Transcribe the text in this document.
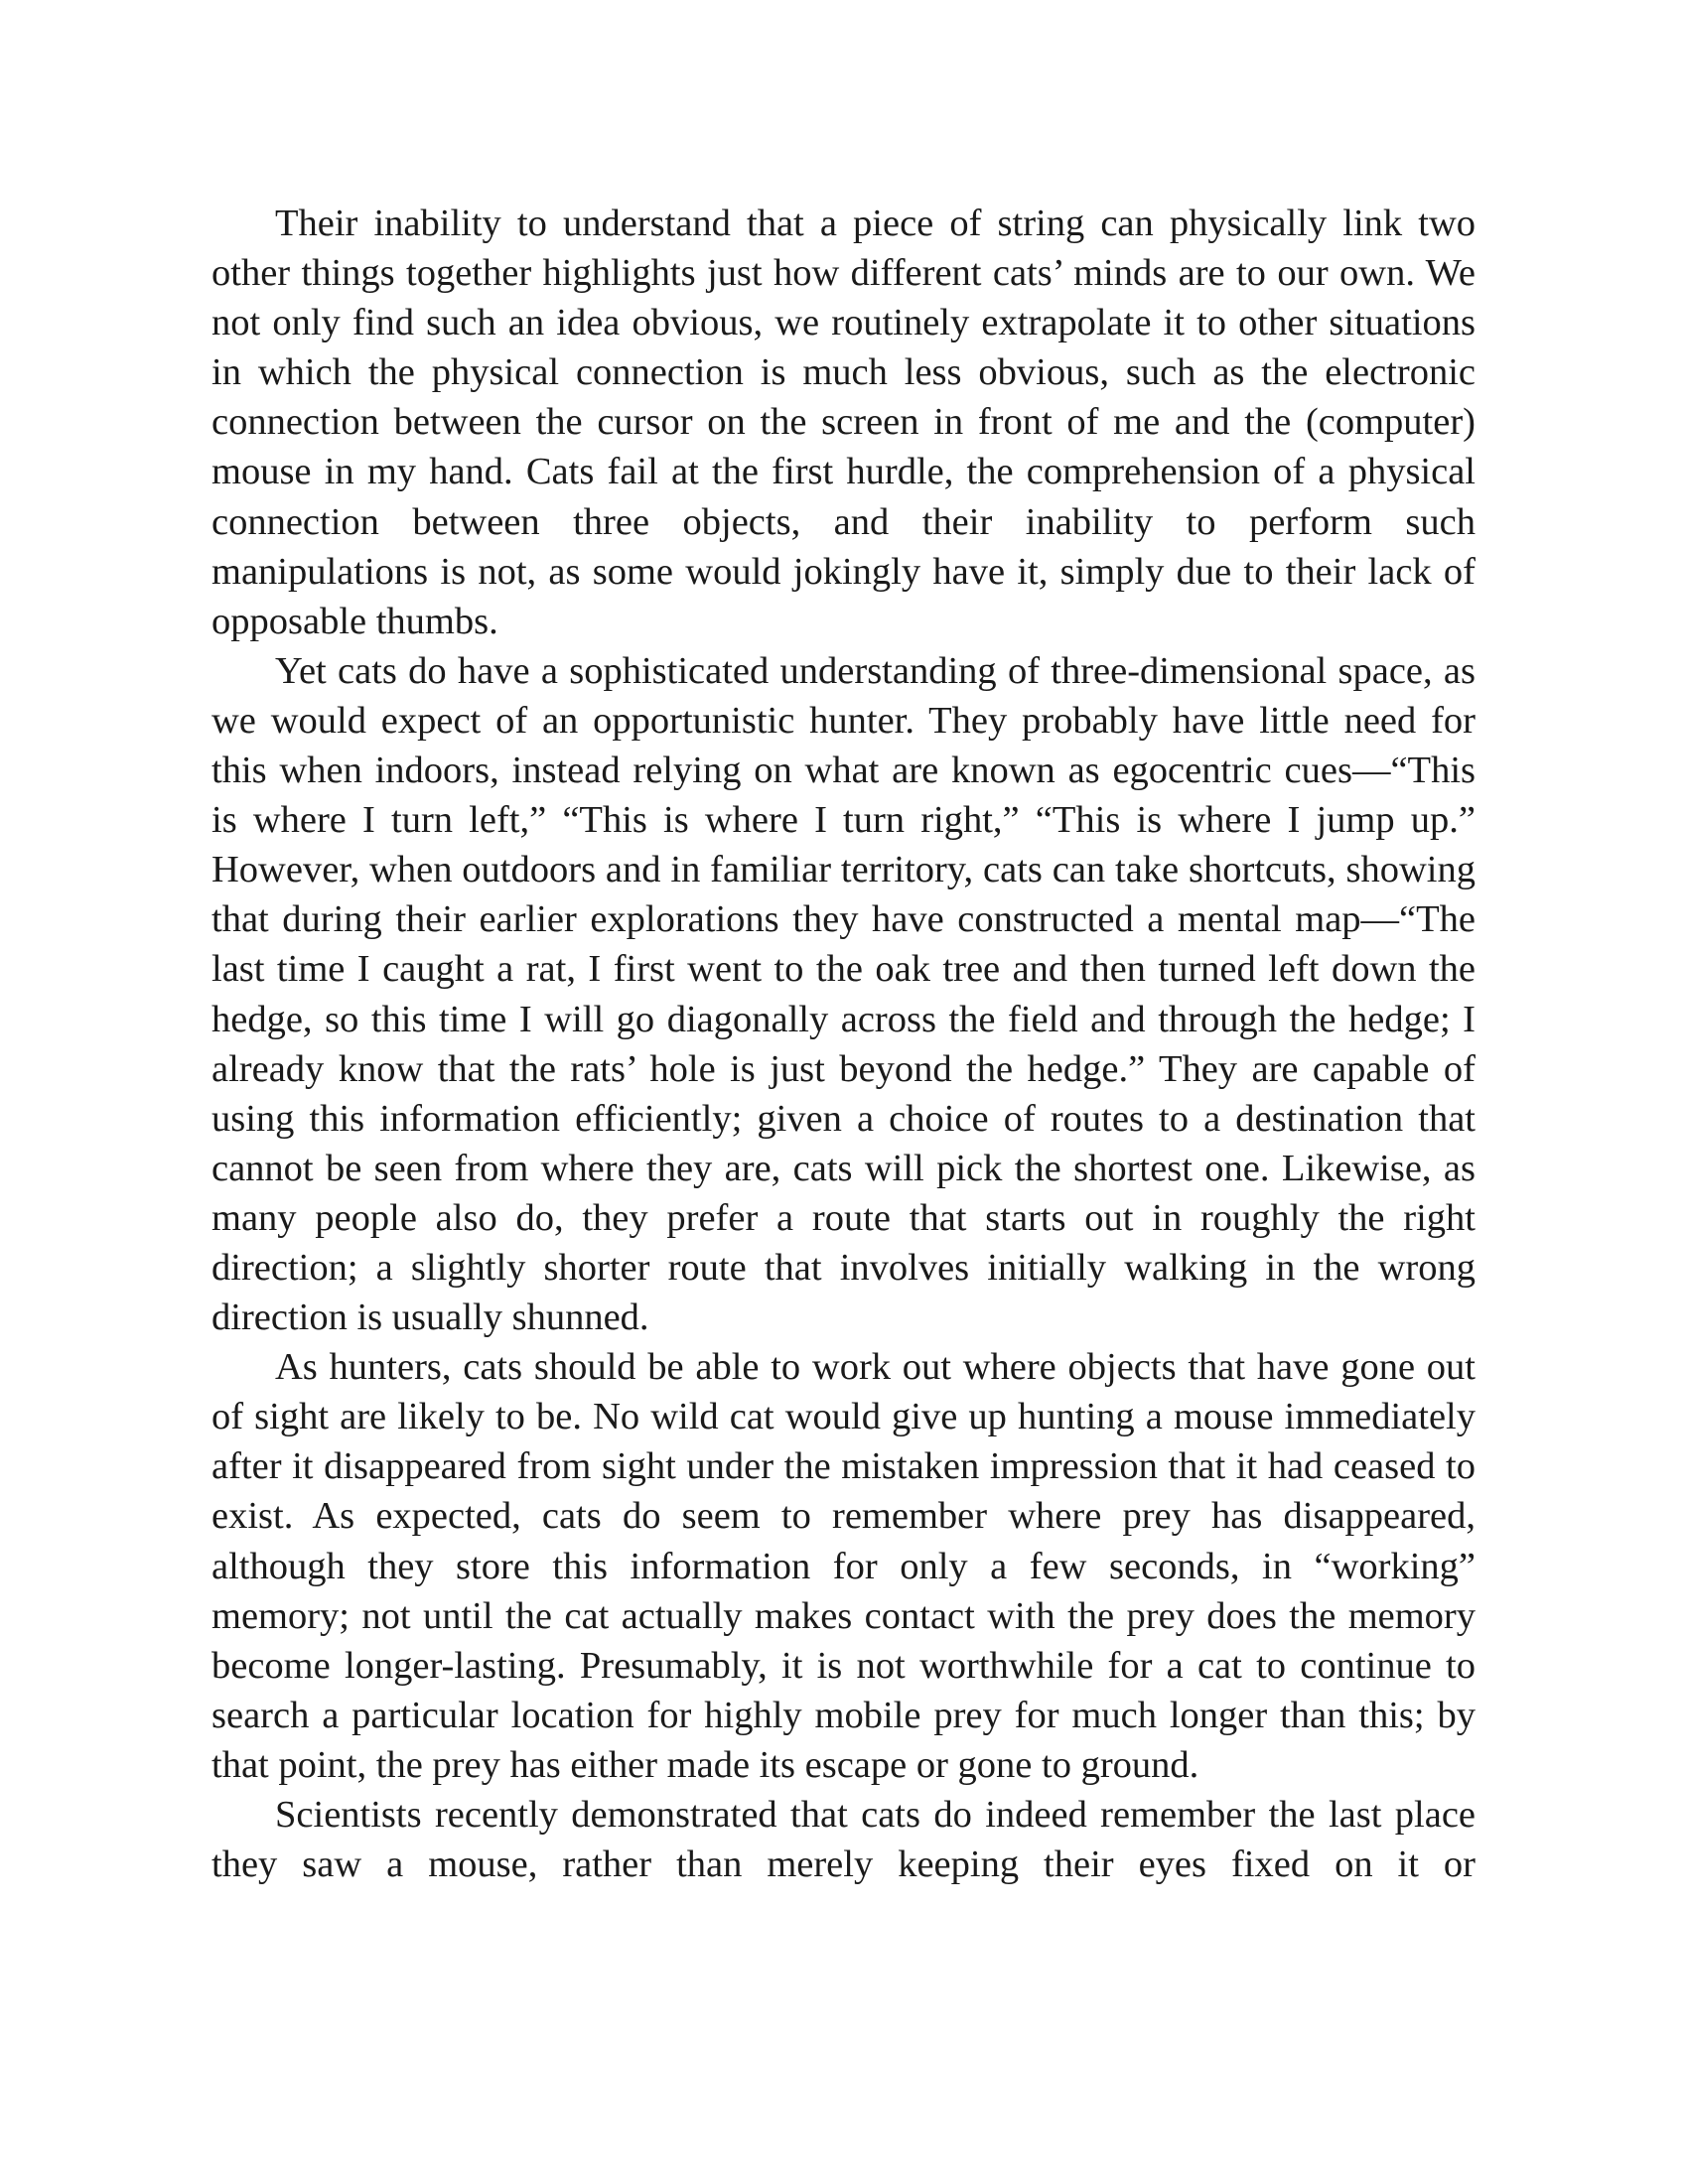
Their inability to understand that a piece of string can physically link two other things together highlights just how different cats’ minds are to our own. We not only find such an idea obvious, we routinely extrapolate it to other situations in which the physical connection is much less obvious, such as the electronic connection between the cursor on the screen in front of me and the (computer) mouse in my hand. Cats fail at the first hurdle, the comprehension of a physical connection between three objects, and their inability to perform such manipulations is not, as some would jokingly have it, simply due to their lack of opposable thumbs.

Yet cats do have a sophisticated understanding of three-dimensional space, as we would expect of an opportunistic hunter. They probably have little need for this when indoors, instead relying on what are known as egocentric cues—“This is where I turn left,” “This is where I turn right,” “This is where I jump up.” However, when outdoors and in familiar territory, cats can take shortcuts, showing that during their earlier explorations they have constructed a mental map—“The last time I caught a rat, I first went to the oak tree and then turned left down the hedge, so this time I will go diagonally across the field and through the hedge; I already know that the rats’ hole is just beyond the hedge.” They are capable of using this information efficiently; given a choice of routes to a destination that cannot be seen from where they are, cats will pick the shortest one. Likewise, as many people also do, they prefer a route that starts out in roughly the right direction; a slightly shorter route that involves initially walking in the wrong direction is usually shunned.

As hunters, cats should be able to work out where objects that have gone out of sight are likely to be. No wild cat would give up hunting a mouse immediately after it disappeared from sight under the mistaken impression that it had ceased to exist. As expected, cats do seem to remember where prey has disappeared, although they store this information for only a few seconds, in “working” memory; not until the cat actually makes contact with the prey does the memory become longer-lasting. Presumably, it is not worthwhile for a cat to continue to search a particular location for highly mobile prey for much longer than this; by that point, the prey has either made its escape or gone to ground.

Scientists recently demonstrated that cats do indeed remember the last place they saw a mouse, rather than merely keeping their eyes fixed on it or
